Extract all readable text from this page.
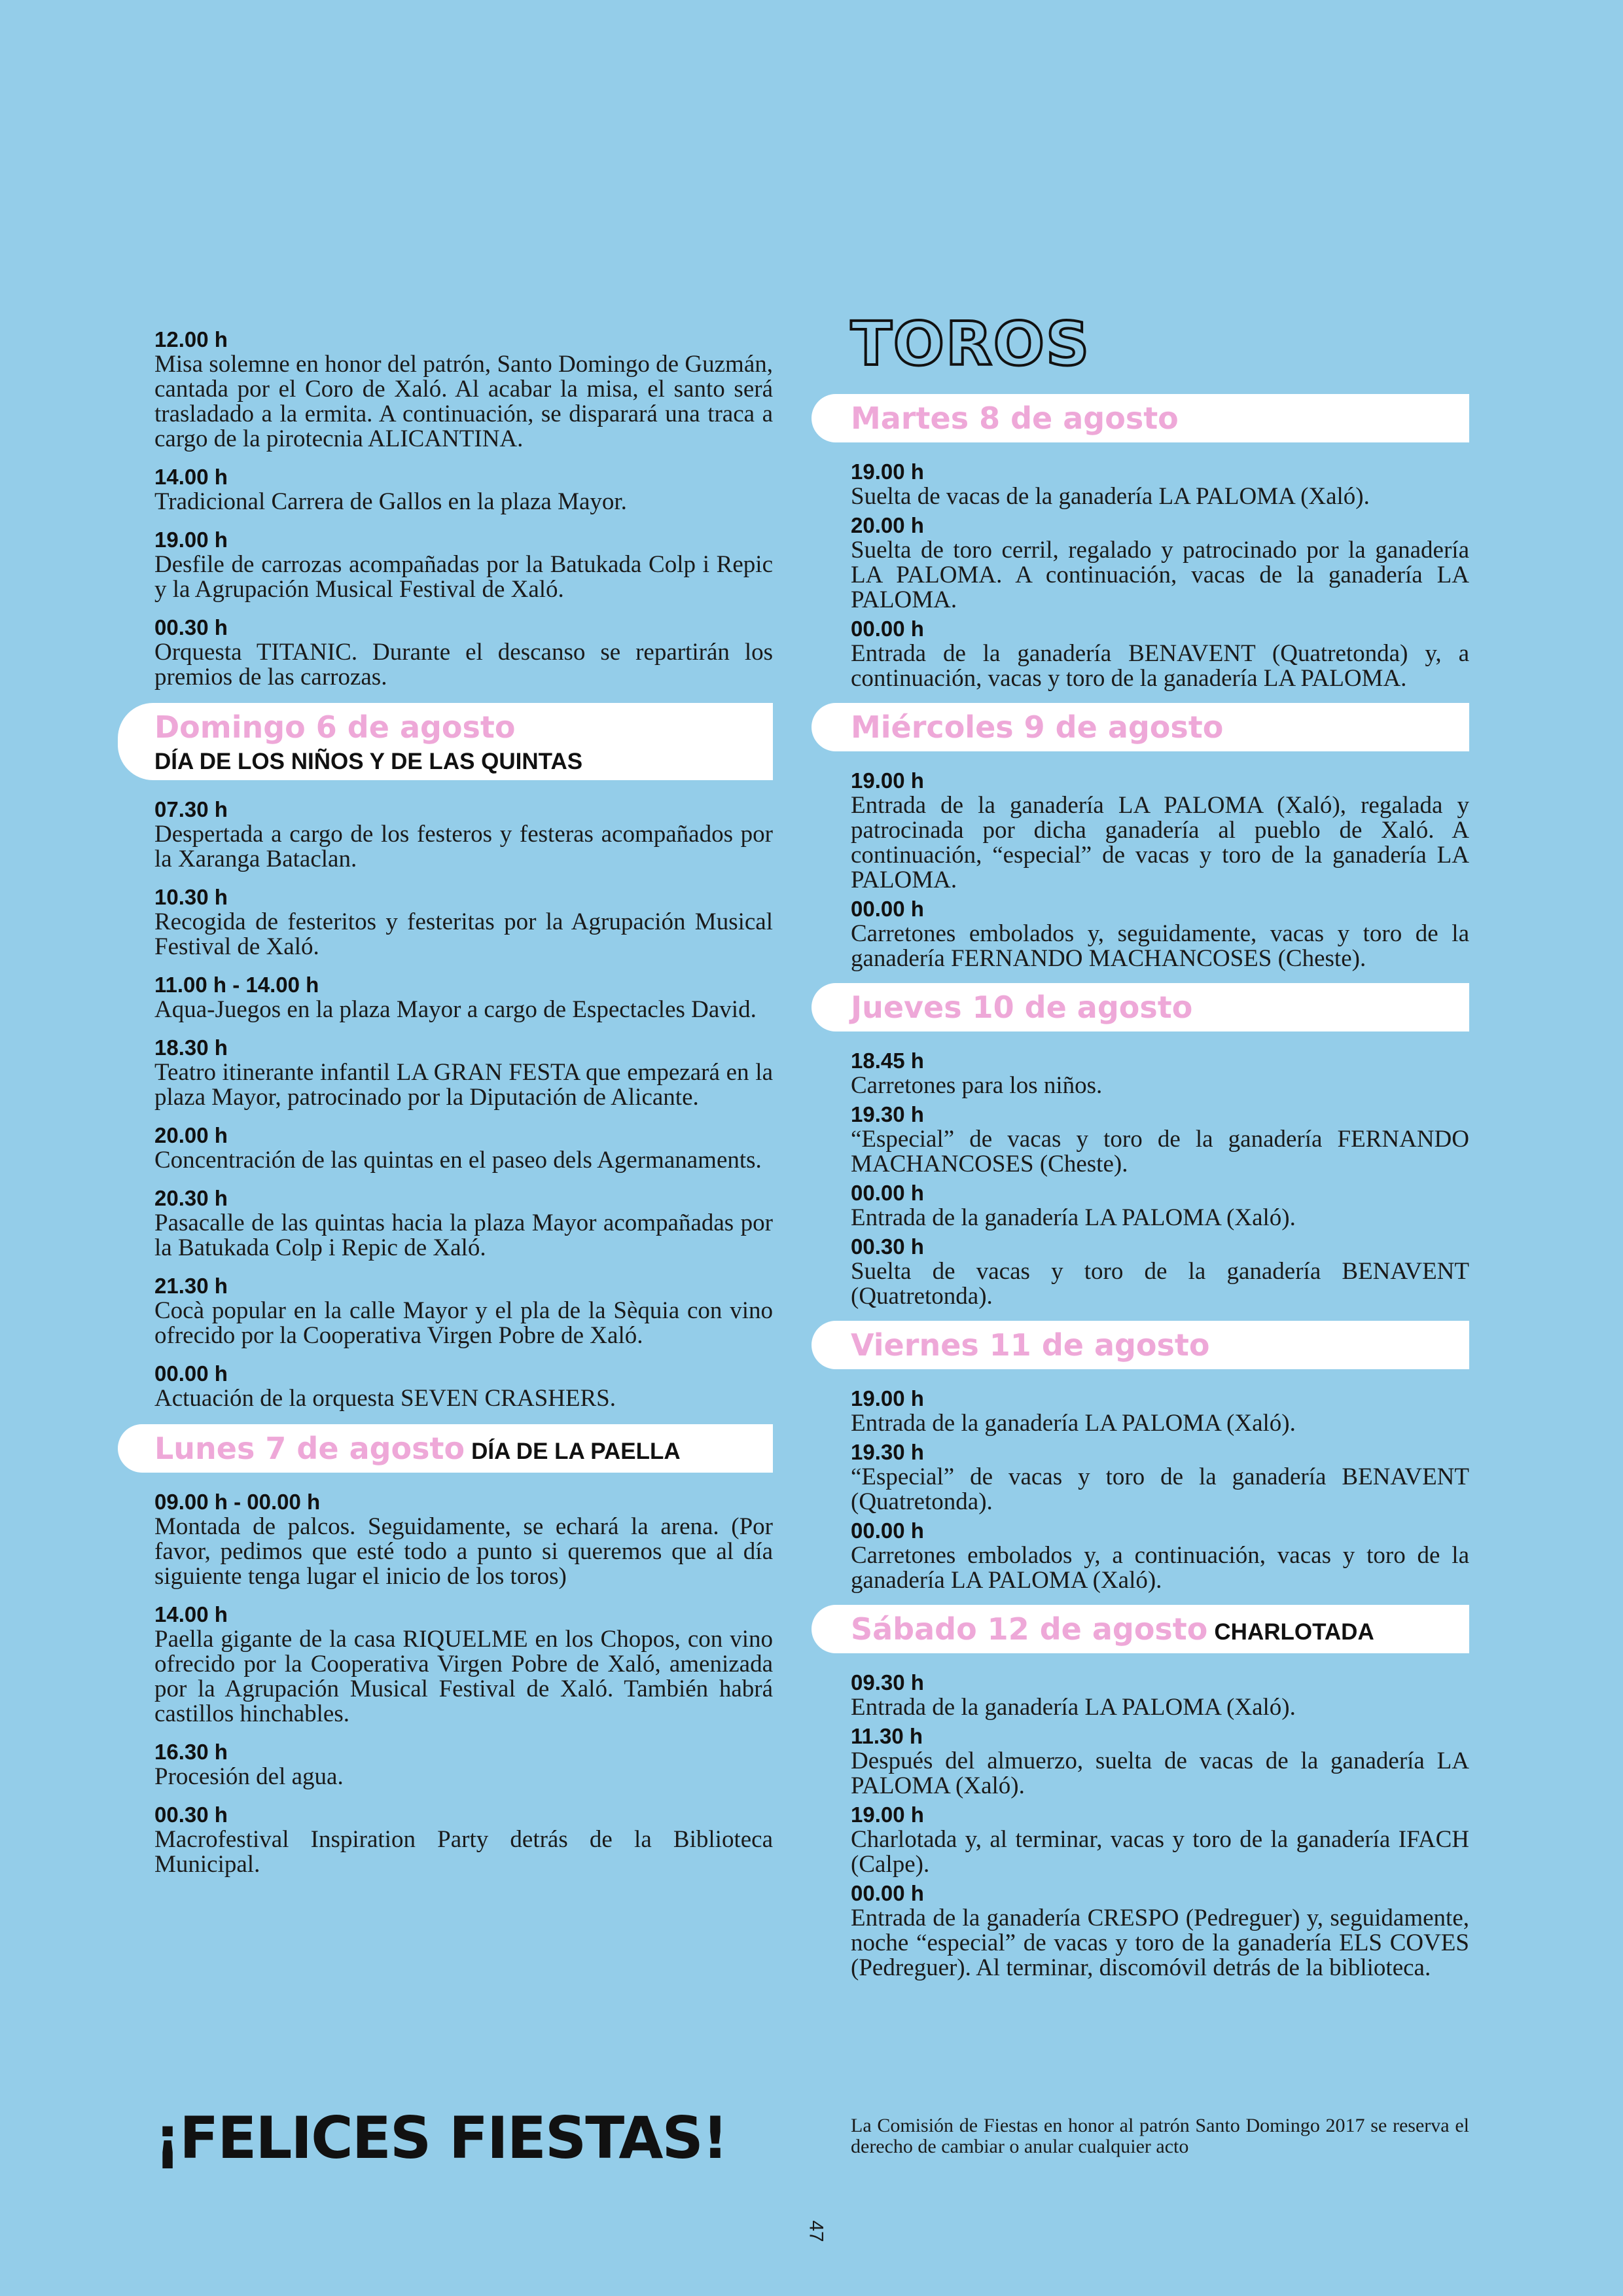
12.00 h
Misa solemne en honor del patrón, Santo Domingo de Guzmán, cantada por el Coro de Xaló. Al acabar la misa, el santo será trasladado a la ermita. A continuación, se disparará una traca a cargo de la pirotecnia ALICANTINA.
14.00 h
Tradicional Carrera de Gallos en la plaza Mayor.
19.00 h
Desfile de carrozas acompañadas por la Batukada Colp i Repic y la Agrupación Musical Festival de Xaló.
00.30 h
Orquesta TITANIC. Durante el descanso se repartirán los premios de las carrozas.
Domingo 6 de agosto
DÍA DE LOS NIÑOS Y DE LAS QUINTAS
07.30 h
Despertada a cargo de los festeros y festeras acompañados por la Xaranga Bataclan.
10.30 h
Recogida de festeritos y festeritas por la Agrupación Musical Festival de Xaló.
11.00 h - 14.00 h
Aqua-Juegos en la plaza Mayor a cargo de Espectacles David.
18.30 h
Teatro itinerante infantil LA GRAN FESTA que empezará en la plaza Mayor, patrocinado por la Diputación de Alicante.
20.00 h
Concentración de las quintas en el paseo dels Agermanaments.
20.30 h
Pasacalle de las quintas hacia la plaza Mayor acompañadas por la Batukada Colp i Repic de Xaló.
21.30 h
Cocà popular en la calle Mayor y el pla de la Sèquia con vino ofrecido por la Cooperativa Virgen Pobre de Xaló.
00.00 h
Actuación de la orquesta SEVEN CRASHERS.
Lunes 7 de agosto DÍA DE LA PAELLA
09.00 h - 00.00 h
Montada de palcos. Seguidamente, se echará la arena. (Por favor, pedimos que esté todo a punto si queremos que al día siguiente tenga lugar el inicio de los toros)
14.00 h
Paella gigante de la casa RIQUELME en los Chopos, con vino ofrecido por la Cooperativa Virgen Pobre de Xaló, amenizada por la Agrupación Musical Festival de Xaló. También habrá castillos hinchables.
16.30 h
Procesión del agua.
00.30 h
Macrofestival Inspiration Party detrás de la Biblioteca Municipal.
TOROS
Martes 8 de agosto
19.00 h
Suelta de vacas de la ganadería LA PALOMA (Xaló).
20.00 h
Suelta de toro cerril, regalado y patrocinado por la ganadería LA PALOMA. A continuación, vacas de la ganadería LA PALOMA.
00.00 h
Entrada de la ganadería BENAVENT (Quatretonda) y, a continuación, vacas y toro de la ganadería LA PALOMA.
Miércoles 9 de agosto
19.00 h
Entrada de la ganadería LA PALOMA (Xaló), regalada y patrocinada por dicha ganadería al pueblo de Xaló. A continuación, “especial” de vacas y toro de la ganadería LA PALOMA.
00.00 h
Carretones embolados y, seguidamente, vacas y toro de la ganadería FERNANDO MACHANCOSES (Cheste).
Jueves 10 de agosto
18.45 h
Carretones para los niños.
19.30 h
“Especial” de vacas y toro de la ganadería FERNANDO MACHANCOSES (Cheste).
00.00 h
Entrada de la ganadería LA PALOMA (Xaló).
00.30 h
Suelta de vacas y toro de la ganadería BENAVENT (Quatretonda).
Viernes 11 de agosto
19.00 h
Entrada de la ganadería LA PALOMA (Xaló).
19.30 h
“Especial” de vacas y toro de la ganadería BENAVENT (Quatretonda).
00.00 h
Carretones embolados y, a continuación, vacas y toro de la ganadería LA PALOMA (Xaló).
Sábado 12 de agosto CHARLOTADA
09.30 h
Entrada de la ganadería LA PALOMA (Xaló).
11.30 h
Después del almuerzo, suelta de vacas de la ganadería LA PALOMA (Xaló).
19.00 h
Charlotada y, al terminar, vacas y toro de la ganadería IFACH (Calpe).
00.00 h
Entrada de la ganadería CRESPO (Pedreguer) y, seguidamente, noche “especial” de vacas y toro de la ganadería ELS COVES (Pedreguer). Al terminar, discomóvil detrás de la biblioteca.
¡FELICES FIESTAS!	La Comisión de Fiestas en honor al patrón Santo Domingo 2017 se reserva el derecho de cambiar o anular cualquier acto
47
